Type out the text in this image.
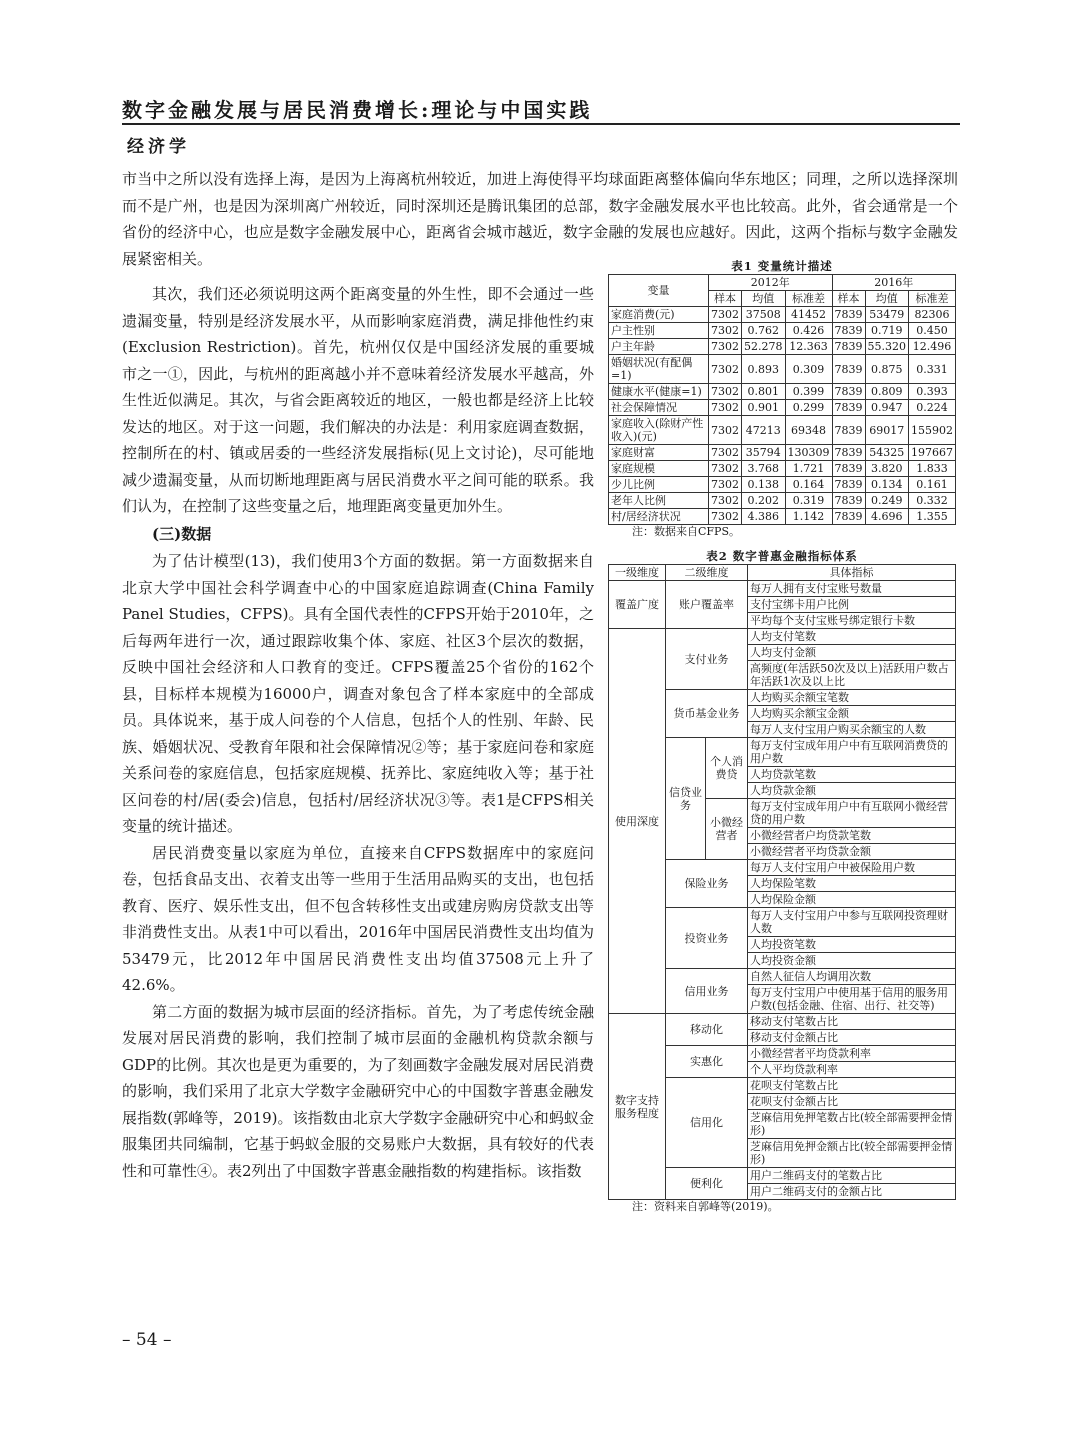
数字金融发展与居民消费增长:理论与中国实践
经济学

市当中之所以没有选择上海，是因为上海离杭州较近，加进上海使得平均球面距离整体偏向华东地区；同理，之所以选择深圳而不是广州，也是因为深圳离广州较近，同时深圳还是腾讯集团的总部，数字金融发展水平也比较高。此外，省会通常是一个省份的经济中心，也应是数字金融发展中心，距离省会城市越近，数字金融的发展也应越好。因此，这两个指标与数字金融发展紧密相关。

其次，我们还必须说明这两个距离变量的外生性，即不会通过一些遗漏变量，特别是经济发展水平，从而影响家庭消费，满足排他性约束(Exclusion Restriction)。首先，杭州仅仅是中国经济发展的重要城市之一①，因此，与杭州的距离越小并不意味着经济发展水平越高，外生性近似满足。其次，与省会距离较近的地区，一般也都是经济上比较发达的地区。对于这一问题，我们解决的办法是：利用家庭调查数据，控制所在的村、镇或居委的一些经济发展指标(见上文讨论)，尽可能地减少遗漏变量，从而切断地理距离与居民消费水平之间可能的联系。我们认为，在控制了这些变量之后，地理距离变量更加外生。

(三)数据

为了估计模型(13)，我们使用3个方面的数据。第一方面数据来自北京大学中国社会科学调查中心的中国家庭追踪调查(China Family Panel Studies，CFPS)。具有全国代表性的CFPS开始于2010年，之后每两年进行一次，通过跟踪收集个体、家庭、社区3个层次的数据，反映中国社会经济和人口教育的变迁。CFPS覆盖25个省份的162个县，目标样本规模为16000户，调查对象包含了样本家庭中的全部成员。具体说来，基于成人问卷的个人信息，包括个人的性别、年龄、民族、婚姻状况、受教育年限和社会保障情况②等；基于家庭问卷和家庭关系问卷的家庭信息，包括家庭规模、抚养比、家庭纯收入等；基于社区问卷的村/居(委会)信息，包括村/居经济状况③等。表1是CFPS相关变量的统计描述。

居民消费变量以家庭为单位，直接来自CFPS数据库中的家庭问卷，包括食品支出、衣着支出等一些用于生活用品购买的支出，也包括教育、医疗、娱乐性支出，但不包含转移性支出或建房购房贷款支出等非消费性支出。从表1中可以看出，2016年中国居民消费性支出均值为53479元，比2012年中国居民消费性支出均值37508元上升了42.6%。

第二方面的数据为城市层面的经济指标。首先，为了考虑传统金融发展对居民消费的影响，我们控制了城市层面的金融机构贷款余额与GDP的比例。其次也是更为重要的，为了刻画数字金融发展对居民消费的影响，我们采用了北京大学数字金融研究中心的中国数字普惠金融发展指数(郭峰等，2019)。该指数由北京大学数字金融研究中心和蚂蚁金服集团共同编制，它基于蚂蚁金服的交易账户大数据，具有较好的代表性和可靠性④。表2列出了中国数字普惠金融指数的构建指标。该指数

– 54 –
表1 变量统计描述
变量	2012年			2016年		
	样本	均值	标准差	样本	均值	标准差
家庭消费(元)	7302	37508	41452	7839	53479	82306
户主性别	7302	0.762	0.426	7839	0.719	0.450
户主年龄	7302	52.278	12.363	7839	55.320	12.496
婚姻状况(有配偶=1)	7302	0.893	0.309	7839	0.875	0.331
健康水平(健康=1)	7302	0.801	0.399	7839	0.809	0.393
社会保障情况	7302	0.901	0.299	7839	0.947	0.224
家庭收入(除财产性收入)(元)	7302	47213	69348	7839	69017	155902
家庭财富	7302	35794	130309	7839	54325	197667
家庭规模	7302	3.768	1.721	7839	3.820	1.833
少儿比例	7302	0.138	0.164	7839	0.134	0.161
老年人比例	7302	0.202	0.319	7839	0.249	0.332
村/居经济状况	7302	4.386	1.142	7839	4.696	1.355
注：数据来自CFPS。
表2 数字普惠金融指标体系
一级维度	二级维度		具体指标
覆盖广度	账户覆盖率		每万人拥有支付宝账号数量
			支付宝绑卡用户比例
			平均每个支付宝账号绑定银行卡数
使用深度	支付业务		人均支付笔数
			人均支付金额
			高频度(年活跃50次及以上)活跃用户数占年活跃1次及以上比
	货币基金业务		人均购买余额宝笔数
			人均购买余额宝金额
			每万人支付宝用户购买余额宝的人数
	信贷业务	个人消费贷	每万支付宝成年用户中有互联网消费贷的用户数
			人均贷款笔数
			人均贷款金额
		小微经营者	每万支付宝成年用户中有互联网小微经营贷的用户数
			小微经营者户均贷款笔数
			小微经营者平均贷款金额
	保险业务		每万人支付宝用户中被保险用户数
			人均保险笔数
			人均保险金额
	投资业务		每万人支付宝用户中参与互联网投资理财人数
			人均投资笔数
			人均投资金额
	信用业务		自然人征信人均调用次数
			每万支付宝用户中使用基于信用的服务用户数(包括金融、住宿、出行、社交等)
数字支持服务程度	移动化		移动支付笔数占比
			移动支付金额占比
	实惠化		小微经营者平均贷款利率
			个人平均贷款利率
	信用化		花呗支付笔数占比
			花呗支付金额占比
			芝麻信用免押笔数占比(较全部需要押金情形)
			芝麻信用免押金额占比(较全部需要押金情形)
	便利化		用户二维码支付的笔数占比
			用户二维码支付的金额占比
注：资料来自郭峰等(2019)。
